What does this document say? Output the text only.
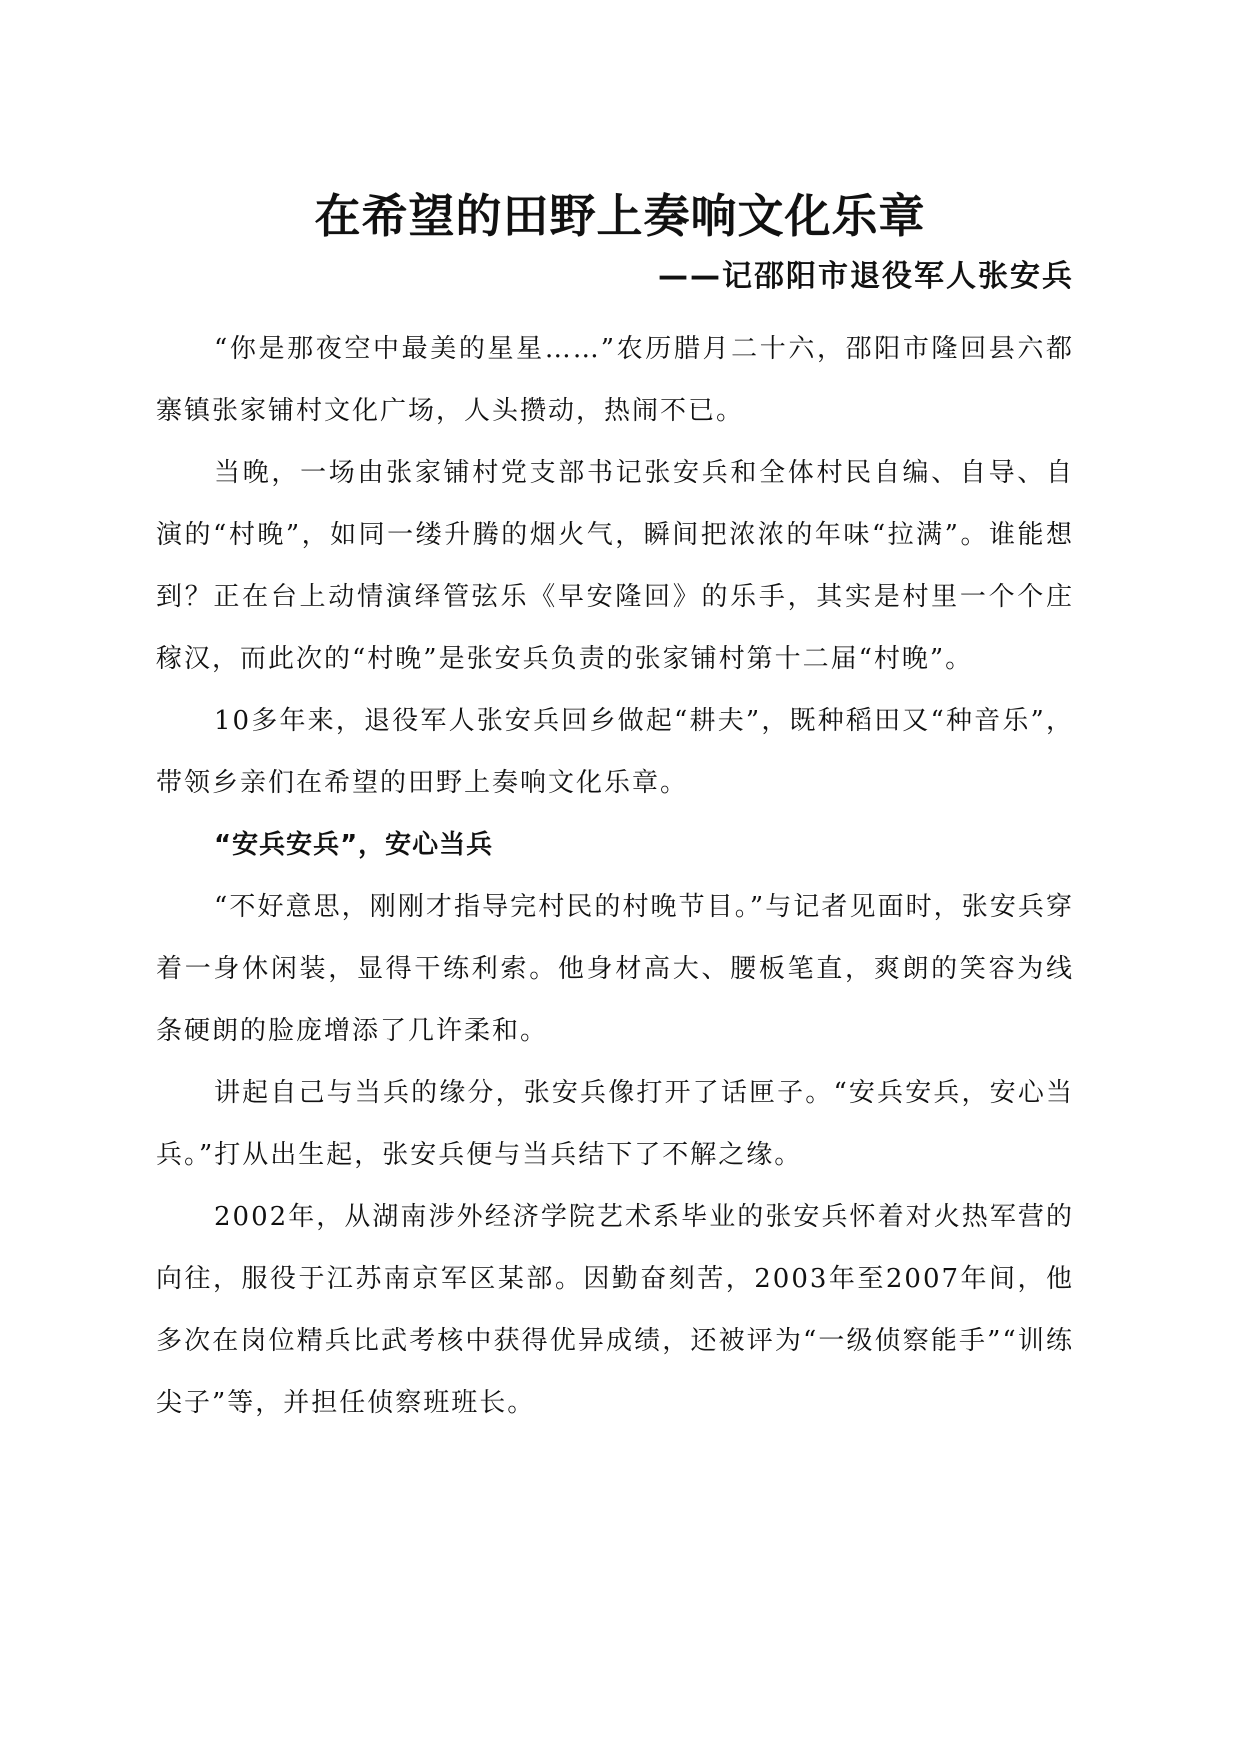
在希望的田野上奏响文化乐章
——记邵阳市退役军人张安兵

“你是那夜空中最美的星星……”农历腊月二十六，邵阳市隆回县六都寨镇张家铺村文化广场，人头攒动，热闹不已。

当晚，一场由张家铺村党支部书记张安兵和全体村民自编、自导、自演的“村晚”，如同一缕升腾的烟火气，瞬间把浓浓的年味“拉满”。谁能想到？正在台上动情演绎管弦乐《早安隆回》的乐手，其实是村里一个个庄稼汉，而此次的“村晚”是张安兵负责的张家铺村第十二届“村晚”。

10多年来，退役军人张安兵回乡做起“耕夫”，既种稻田又“种音乐”，带领乡亲们在希望的田野上奏响文化乐章。

“安兵安兵”，安心当兵

“不好意思，刚刚才指导完村民的村晚节目。”与记者见面时，张安兵穿着一身休闲装，显得干练利索。他身材高大、腰板笔直，爽朗的笑容为线条硬朗的脸庞增添了几许柔和。

讲起自己与当兵的缘分，张安兵像打开了话匣子。“安兵安兵，安心当兵。”打从出生起，张安兵便与当兵结下了不解之缘。

2002年，从湖南涉外经济学院艺术系毕业的张安兵怀着对火热军营的向往，服役于江苏南京军区某部。因勤奋刻苦，2003年至2007年间，他多次在岗位精兵比武考核中获得优异成绩，还被评为“一级侦察能手”“训练尖子”等，并担任侦察班班长。
